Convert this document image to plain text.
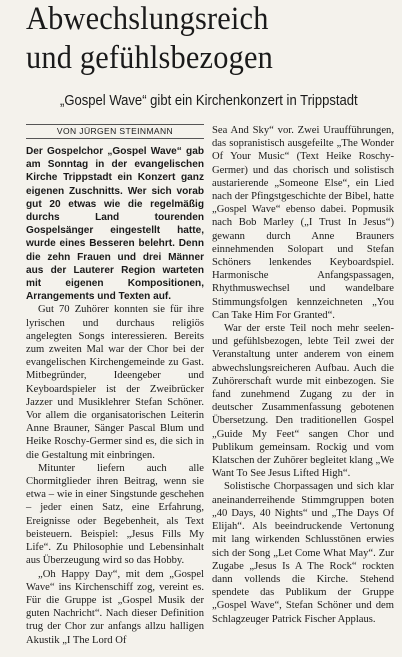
Abwechslungsreich
und gefühlsbezogen
„Gospel Wave“ gibt ein Kirchenkonzert in Trippstadt
VON JÜRGEN STEINMANN

Der Gospelchor „Gospel Wave“ gab am Sonntag in der evangelischen Kirche Trippstadt ein Konzert ganz eigenen Zuschnitts. Wer sich vorab gut 20 etwas wie die regelmäßig durchs Land tourenden Gospelsänger eingestellt hatte, wurde eines Besseren belehrt. Denn die zehn Frauen und drei Männer aus der Lauterer Region warteten mit eigenen Kompositionen, Arrangements und Texten auf.

Gut 70 Zuhörer konnten sie für ihre lyrischen und durchaus religiös angelegten Songs interessieren. Bereits zum zweiten Mal war der Chor bei der evangelischen Kirchengemeinde zu Gast. Mitbegründer, Ideengeber und Keyboardspieler ist der Zweibrücker Jazzer und Musiklehrer Stefan Schöner. Vor allem die organisatorischen Leiterin Anne Brauner, Sänger Pascal Blum und Heike Roschy-Germer sind es, die sich in die Gestaltung mit einbringen.

Mitunter liefern auch alle Chormitglieder ihren Beitrag, wenn sie etwa – wie in einer Singstunde geschehen – jeder einen Satz, eine Erfahrung, Ereignisse oder Begebenheit, als Text beisteuern. Beispiel: „Jesus Fills My Life“. Zu Philosophie und Lebensinhalt aus Überzeugung wird so das Hobby.

„Oh Happy Day“, mit dem „Gospel Wave“ ins Kirchenschiff zog, vereint es. Für die Gruppe ist „Gospel Musik der guten Nachricht“. Nach dieser Definition trug der Chor zur anfangs allzu halligen Akustik „I The Lord Of

Sea And Sky“ vor. Zwei Uraufführungen, das sopranistisch ausgefeilte „The Wonder Of Your Music“ (Text Heike Roschy-Germer) und das chorisch und solistisch austarierende „Someone Else“, ein Lied nach der Pfingstgeschichte der Bibel, hatte „Gospel Wave“ ebenso dabei. Popmusik nach Bob Marley („I Trust In Jesus“) gewann durch Anne Brauners einnehmenden Solopart und Stefan Schöners lenkendes Keyboardspiel. Harmonische Anfangspassagen, Rhythmuswechsel und wandelbare Stimmungsfolgen kennzeichneten „You Can Take Him For Granted“.

War der erste Teil noch mehr seelen- und gefühlsbezogen, lebte Teil zwei der Veranstaltung unter anderem von einem abwechslungsreicheren Aufbau. Auch die Zuhörerschaft wurde mit einbezogen. Sie fand zunehmend Zugang zu der in deutscher Zusammenfassung gebotenen Übersetzung. Den traditionellen Gospel „Guide My Feet“ sangen Chor und Publikum gemeinsam. Rockig und vom Klatschen der Zuhörer begleitet klang „We Want To See Jesus Lifted High“.

Solistische Chorpassagen und sich klar aneinanderreihende Stimmgruppen boten „40 Days, 40 Nights“ und „The Days Of Elijah“. Als beeindruckende Vertonung mit lang wirkenden Schlusstönen erwies sich der Song „Let Come What May“. Zur Zugabe „Jesus Is A The Rock“ rockten dann vollends die Kirche. Stehend spendete das Publikum der Gruppe „Gospel Wave“, Stefan Schöner und dem Schlagzeuger Patrick Fischer Applaus.
